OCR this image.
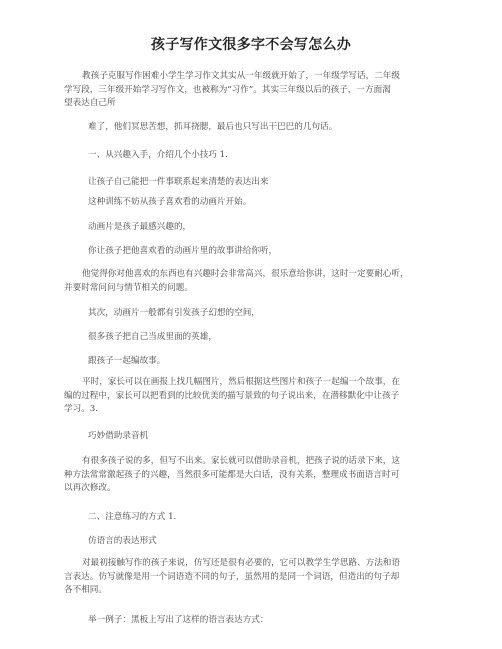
孩子写作文很多字不会写怎么办
教孩子克服写作困难小学生学习作文其实从一年级就开始了，一年级学写话，二年级
学写段，三年级开始学习写作文，也被称为“习作”。其实三年级以后的孩子，一方面渴
望表达自己所
难了，他们冥思苦想，抓耳挠腮，最后也只写出干巴巴的几句话。
一、从兴趣入手，介绍几个小技巧 1.
让孩子自己能把一件事联系起来清楚的表达出来
这种训练不妨从孩子喜欢看的动画片开始。
动画片是孩子最感兴趣的，
你让孩子把他喜欢看的动画片里的故事讲给你听，
他觉得你对他喜欢的东西也有兴趣时会非常高兴，很乐意给你讲，这时一定要耐心听，
并要时常问问与情节相关的问题。
其次，动画片一般都有引发孩子幻想的空间，
很多孩子把自己当成里面的英雄，
跟孩子一起编故事。
平时，家长可以在画报上找几幅图片，然后根据这些图片和孩子一起编一个故事，在
编的过程中，家长可以把看到的比较优美的描写景致的句子说出来，在潜移默化中让孩子
学习。3.
巧妙借助录音机
有很多孩子说的多，但写不出来。家长就可以借助录音机，把孩子说的话录下来，这
种方法常常激起孩子的兴趣，当然很多可能都是大白话，没有关系，整理成书面语言时可
以再次修改。
二、注意练习的方式 1.
仿语言的表达形式
对最初接触写作的孩子来说，仿写还是很有必要的，它可以教学生学思路、方法和语
言表达。仿写就像是用一个词语造不同的句子，虽然用的是同一个词语，但造出的句子却
各不相同。
举一例子：黑板上写出了这样的语言表达方式：
